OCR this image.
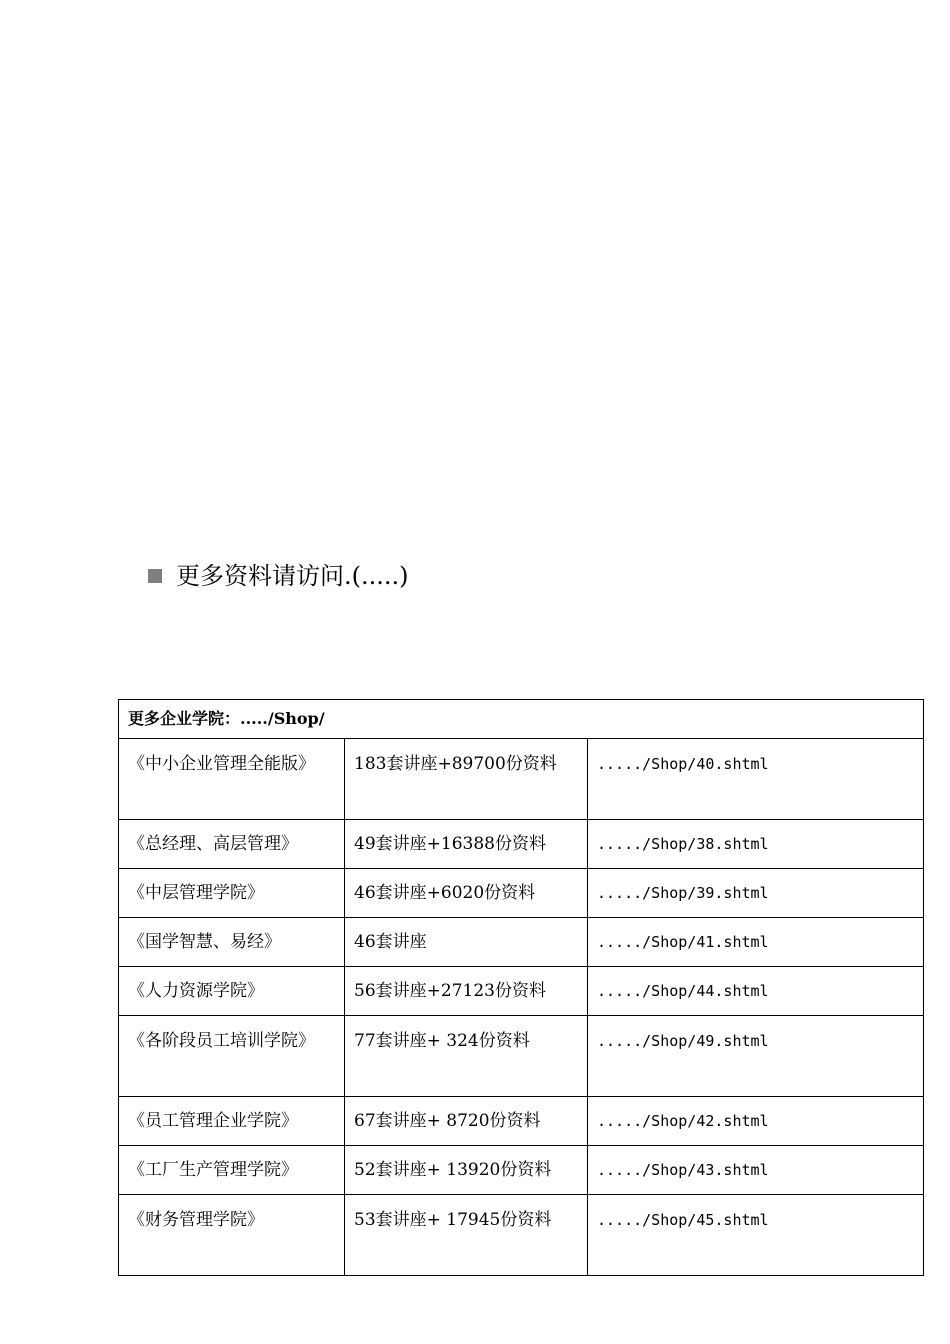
更多资料请访问.(.....)
更多企业学院：...../Shop/		
《中小企业管理全能版》	183套讲座+89700份资料	...../Shop/40.shtml
《总经理、高层管理》	49套讲座+16388份资料	...../Shop/38.shtml
《中层管理学院》	46套讲座+6020份资料	...../Shop/39.shtml
《国学智慧、易经》	46套讲座	...../Shop/41.shtml
《人力资源学院》	56套讲座+27123份资料	...../Shop/44.shtml
《各阶段员工培训学院》	77套讲座+ 324份资料	...../Shop/49.shtml
《员工管理企业学院》	67套讲座+ 8720份资料	...../Shop/42.shtml
《工厂生产管理学院》	52套讲座+ 13920份资料	...../Shop/43.shtml
《财务管理学院》	53套讲座+ 17945份资料	...../Shop/45.shtml
